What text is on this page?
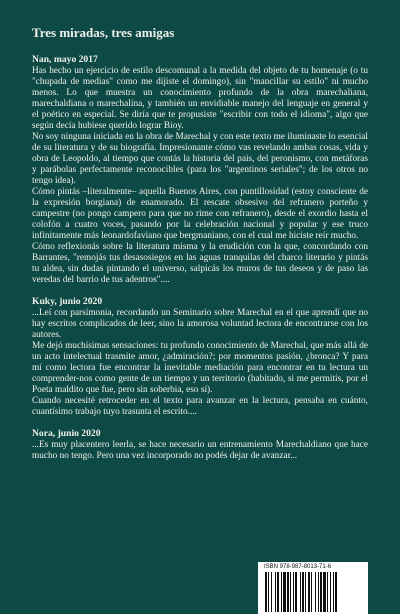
Tres miradas, tres amigas
Nan, mayo 2017

Has hecho un ejercicio de estilo descomunal a la medida del objeto de tu homenaje (o tu "chupada de medias" como me dijiste el domingo), sin "mancillar su estilo" ni mucho menos. Lo que muestra un conocimiento profundo de la obra marechaliana, marechaldiana o marechalina, y también un envidiable manejo del lenguaje en general y el poético en especial. Se diría que te propusiste "escribir con todo el idioma", algo que según decía hubiese querido lograr Bioy.

No soy ninguna iniciada en la obra de Marechal y con este texto me iluminaste lo esencial de su literatura y de su biografía. Impresionante cómo vas revelando ambas cosas, vida y obra de Leopoldo, al tiempo que contás la historia del país, del peronismo, con metáforas y parábolas perfectamente reconocibles (para los "argentinos seriales"; de los otros no tengo idea).

Cómo pintás –literalmente– aquella Buenos Aires, con puntillosidad (estoy consciente de la expresión borgiana) de enamorado. El rescate obsesivo del refranero porteño y campestre (no pongo campero para que no rime con refranero), desde el exordio hasta el colofón a cuatro voces, pasando por la celebración nacional y popular y ese truco infinitamente más leonardofaviano que bergmaniano, con el cual me hiciste reír mucho.

Cómo reflexionás sobre la literatura misma y la erudición con la que, concordando con Barrantes, "remojás tus desasosiegos en las aguas tranquilas del charco literario y pintás tu aldea, sin dudas pintando el universo, salpicás los muros de tus deseos y de paso las veredas del barrio de tus adentros"....

Kuky, junio 2020

...Leí con parsimonia, recordando un Seminario sobre Marechal en el que aprendí que no hay escritos complicados de leer, sino la amorosa voluntad lectora de encontrarse con los autores.

Me dejó muchísimas sensaciones: tu profundo conocimiento de Marechal, que más allá de un acto intelectual trasmite amor, ¿admiración?; por momentos pasión, ¿bronca? Y para mí como lectora fue encontrar la inevitable mediación para encontrar en tu lectura un comprender-nos como gente de un tiempo y un territorio (habitado, si me permitís, por el Poeta maldito que fue, pero sin soberbia, eso sí).

Cuando necesité retroceder en el texto para avanzar en la lectura, pensaba en cuánto, cuantísimo trabajo tuyo trasunta el escrito....

Nora, junio 2020

...Es muy placentero leerla, se hace necesario un entrenamiento Marechaldiano que hace mucho no tengo. Pero una vez incorporado no podés dejar de avanzar...

ISBN 978-987-8013-71-6
